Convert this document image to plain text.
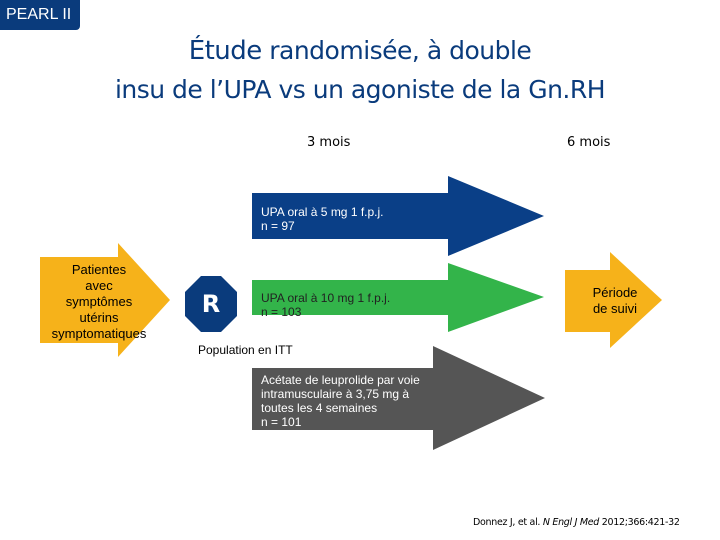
PEARL II
Étude randomisée, à double
insu de l’UPA vs un agoniste de la Gn.RH
3 mois	6 mois
Patientes
avec
symptômes
utérins
symptomatiques
R
UPA oral à 5 mg 1 f.p.j.
n = 97
UPA oral à 10 mg 1 f.p.j.
n = 103
Acétate de leuprolide par voie
intramusculaire à 3,75 mg à
toutes les 4 semaines
n = 101
Population en ITT
Période
de suivi
Donnez J, et al. N Engl J Med 2012;366:421-32
